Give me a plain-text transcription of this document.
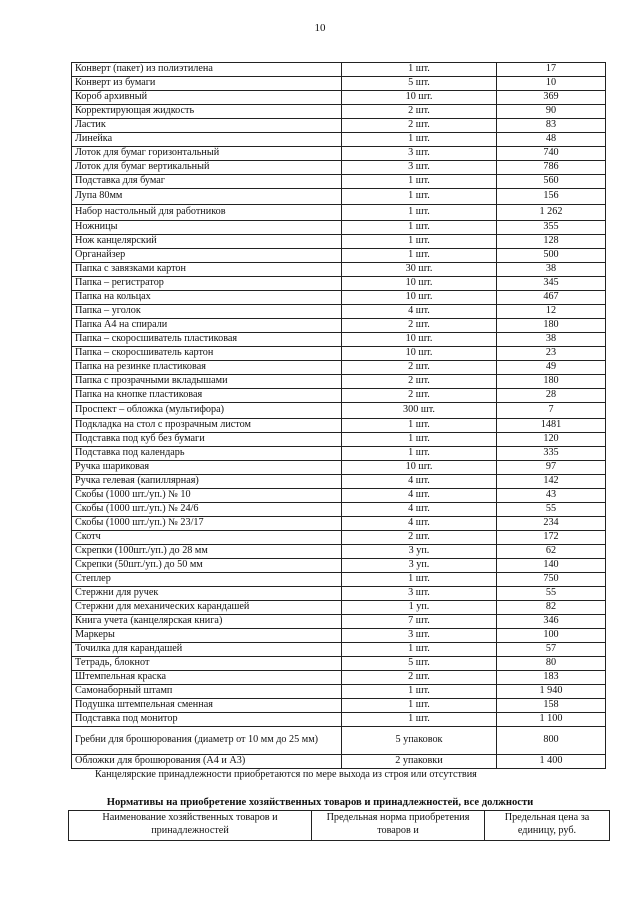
10
Конверт (пакет) из полиэтилена	1 шт.	17
Конверт из бумаги	5 шт.	10
Короб архивный	10 шт.	369
Корректирующая жидкость	2 шт.	90
Ластик	2 шт.	83
Линейка	1 шт.	48
Лоток для бумаг горизонтальный	3 шт.	740
Лоток для бумаг вертикальный	3 шт.	786
Подставка для бумаг	1 шт.	560
Лупа 80мм	1 шт.	156
Набор настольный для работников	1 шт.	1 262
Ножницы	1 шт.	355
Нож канцелярский	1 шт.	128
Органайзер	1 шт.	500
Папка с завязками картон	30 шт.	38
Папка – регистратор	10 шт.	345
Папка на кольцах	10 шт.	467
Папка – уголок	4 шт.	12
Папка А4 на спирали	2 шт.	180
Папка – скоросшиватель пластиковая	10 шт.	38
Папка – скоросшиватель картон	10 шт.	23
Папка на резинке пластиковая	2 шт.	49
Папка с прозрачными вкладышами	2 шт.	180
Папка на кнопке пластиковая	2 шт.	28
Проспект – обложка (мультифора)	300 шт.	7
Подкладка на стол с прозрачным листом	1 шт.	1481
Подставка под куб без бумаги	1 шт.	120
Подставка под календарь	1 шт.	335
Ручка шариковая	10 шт.	97
Ручка гелевая (капиллярная)	4 шт.	142
Скобы (1000 шт./уп.) № 10	4 шт.	43
Скобы (1000 шт./уп.) № 24/6	4 шт.	55
Скобы (1000 шт./уп.) № 23/17	4 шт.	234
Скотч	2 шт.	172
Скрепки (100шт./уп.) до 28 мм	3 уп.	62
Скрепки (50шт./уп.) до 50 мм	3 уп.	140
Степлер	1 шт.	750
Стержни для ручек	3 шт.	55
Стержни для механических карандашей	1 уп.	82
Книга учета (канцелярская книга)	7 шт.	346
Маркеры	3 шт.	100
Точилка для карандашей	1 шт.	57
Тетрадь, блокнот	5 шт.	80
Штемпельная краска	2 шт.	183
Самонаборный штамп	1 шт.	1 940
Подушка штемпельная сменная	1 шт.	158
Подставка под монитор	1 шт.	1 100
Гребни для брошюрования (диаметр от 10 мм до 25 мм)	5 упаковок	800
Обложки для брошюрования (А4 и А3)	2 упаковки	1 400
Канцелярские принадлежности приобретаются по мере выхода из строя или отсутствия
Нормативы на приобретение хозяйственных товаров и принадлежностей, все должности
Наименование хозяйственных товаров и принадлежностей	Предельная норма приобретения товаров и	Предельная цена за единицу, руб.
